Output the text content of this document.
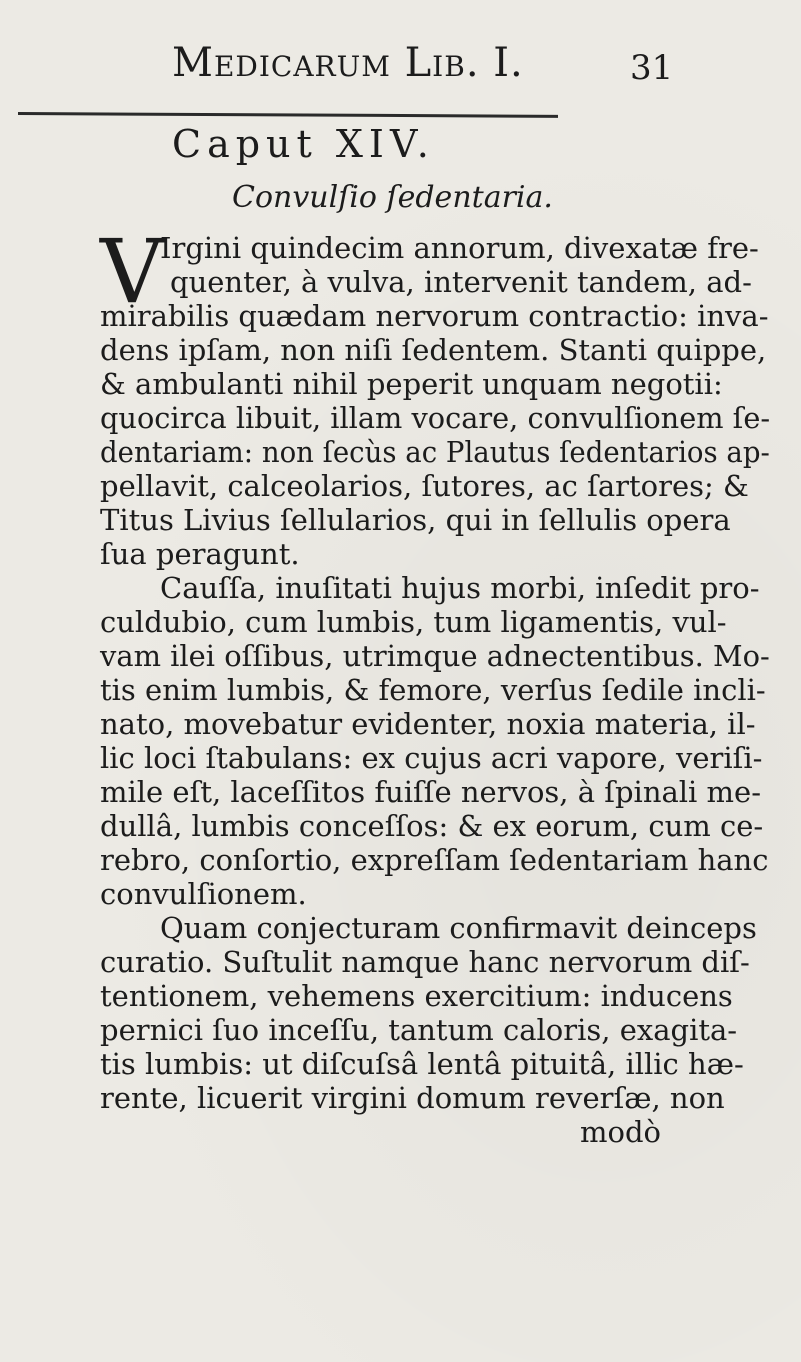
Medicarum Lib. I.	31
Caput XIV.
Convulſio ſedentaria.
V
Irgini quindecim annorum, divexatæ fre-
quenter, à vulva, intervenit tandem, ad-
mirabilis quædam nervorum contractio: inva-
dens ipſam, non niſi ſedentem. Stanti quippe,
& ambulanti nihil peperit unquam negotii:
quocirca libuit, illam vocare, convulſionem ſe-
dentariam: non ſecùs ac Plautus ſedentarios ap-
pellavit, calceolarios, ſutores, ac ſartores; &
Titus Livius ſellularios, qui in ſellulis opera
ſua peragunt.
Cauſſa, inuſitati hujus morbi, inſedit pro-
culdubio, cum lumbis, tum ligamentis, vul-
vam ilei oſſibus, utrimque adnectentibus. Mo-
tis enim lumbis, & femore, verſus ſedile incli-
nato, movebatur evidenter, noxia materia, il-
lic loci ſtabulans: ex cujus acri vapore, veriſi-
mile eſt, laceſſitos fuiſſe nervos, à ſpinali me-
dullâ, lumbis conceſſos: & ex eorum, cum ce-
rebro, conſortio, expreſſam ſedentariam hanc
convulſionem.
Quam conjecturam confirmavit deinceps
curatio. Suſtulit namque hanc nervorum diſ-
tentionem, vehemens exercitium: inducens
pernici ſuo inceſſu, tantum caloris, exagita-
tis lumbis: ut diſcuſsâ lentâ pituitâ, illic hæ-
rente, licuerit virgini domum reverſæ, non
modò
